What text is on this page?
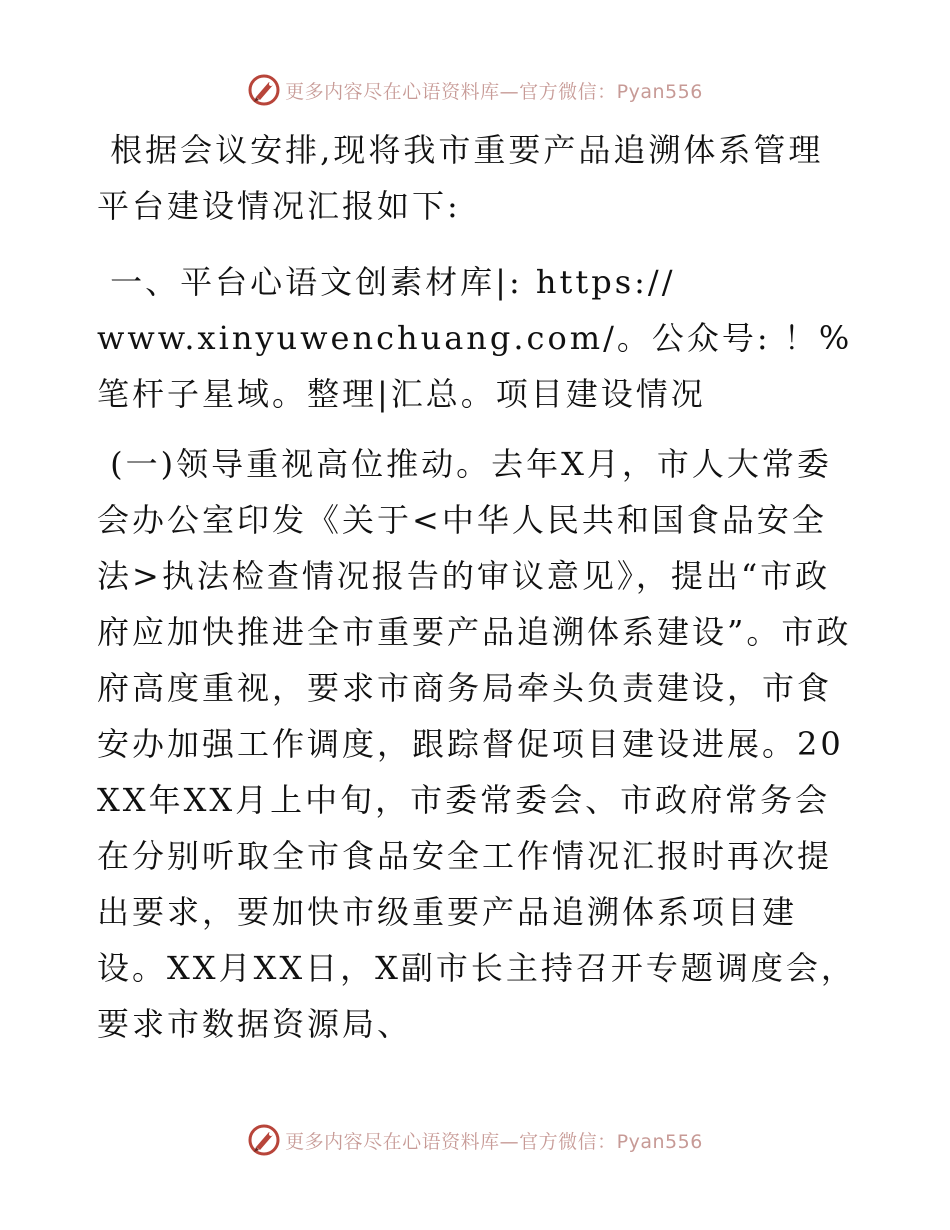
更多内容尽在心语资料库—官方微信：Pyan556

根据会议安排,现将我市重要产品追溯体系管理平台建设情况汇报如下:

一、平台心语文创素材库|: https://
www.xinyuwenchuang.com/。公众号: ！%笔杆子星域。整理|汇总。项目建设情况

(一)领导重视高位推动。去年X月，市人大常委会办公室印发《关于<中华人民共和国食品安全法>执法检查情况报告的审议意见》，提出“市政府应加快推进全市重要产品追溯体系建设”。市政府高度重视，要求市商务局牵头负责建设，市食安办加强工作调度，跟踪督促项目建设进展。20XX年XX月上中旬，市委常委会、市政府常务会在分别听取全市食品安全工作情况汇报时再次提出要求，要加快市级重要产品追溯体系项目建设。XX月XX日，X副市长主持召开专题调度会，要求市数据资源局、

更多内容尽在心语资料库—官方微信：Pyan556
